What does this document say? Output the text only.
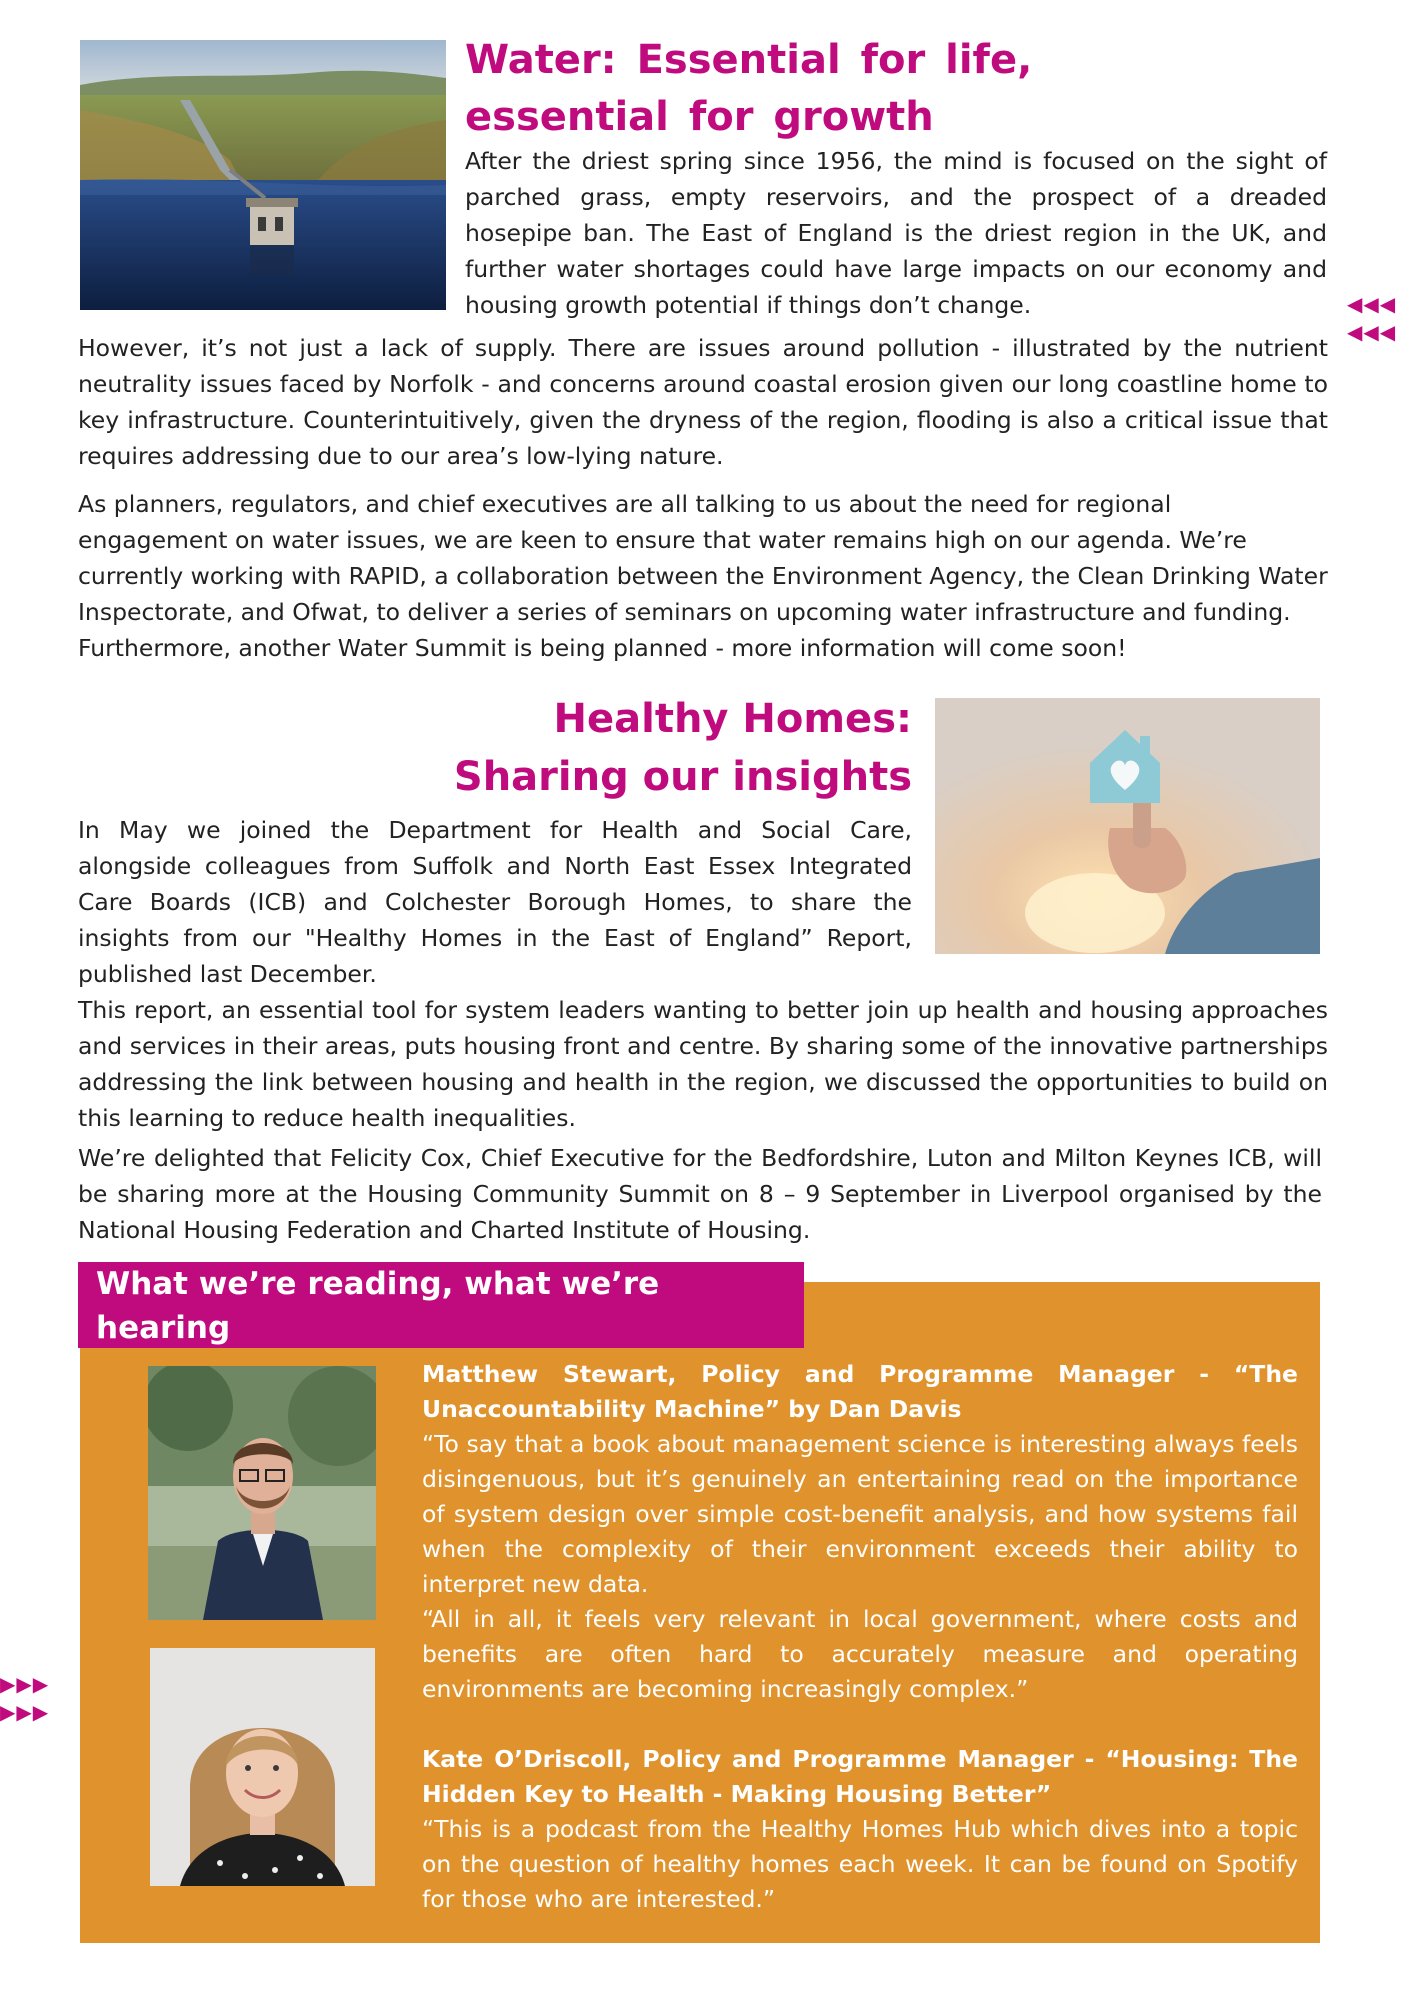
Water: Essential for life, essential for growth

After the driest spring since 1956, the mind is focused on the sight of parched grass, empty reservoirs, and the prospect of a dreaded hosepipe ban. The East of England is the driest region in the UK, and further water shortages could have large impacts on our economy and housing growth potential if things don’t change.	◀◀◀
◀◀◀

However, it’s not just a lack of supply. There are issues around pollution - illustrated by the nutrient neutrality issues faced by Norfolk - and concerns around coastal erosion given our long coastline home to key infrastructure. Counterintuitively, given the dryness of the region, flooding is also a critical issue that requires addressing due to our area’s low-lying nature.

As planners, regulators, and chief executives are all talking to us about the need for regional engagement on water issues, we are keen to ensure that water remains high on our agenda. We’re currently working with RAPID, a collaboration between the Environment Agency, the Clean Drinking Water Inspectorate, and Ofwat, to deliver a series of seminars on upcoming water infrastructure and funding. Furthermore, another Water Summit is being planned - more information will come soon!

Healthy Homes:
Sharing our insights

In May we joined the Department for Health and Social Care, alongside colleagues from Suffolk and North East Essex Integrated Care Boards (ICB) and Colchester Borough Homes, to share the insights from our "Healthy Homes in the East of England” Report, published last December.

This report, an essential tool for system leaders wanting to better join up health and housing approaches and services in their areas, puts housing front and centre. By sharing some of the innovative partnerships addressing the link between housing and health in the region, we discussed the opportunities to build on this learning to reduce health inequalities.

We’re delighted that Felicity Cox, Chief Executive for the Bedfordshire, Luton and Milton Keynes ICB, will be sharing more at the Housing Community Summit on 8 – 9 September in Liverpool organised by the National Housing Federation and Charted Institute of Housing.

What we’re reading, what we’re hearing
▶▶▶
▶▶▶

Matthew Stewart, Policy and Programme Manager - “The Unaccountability Machine” by Dan Davis

“To say that a book about management science is interesting always feels disingenuous, but it’s genuinely an entertaining read on the importance of system design over simple cost-benefit analysis, and how systems fail when the complexity of their environment exceeds their ability to interpret new data.

“All in all, it feels very relevant in local government, where costs and benefits are often hard to accurately measure and operating environments are becoming increasingly complex.”

Kate O’Driscoll, Policy and Programme Manager - “Housing: The Hidden Key to Health - Making Housing Better”

“This is a podcast from the Healthy Homes Hub which dives into a topic on the question of healthy homes each week. It can be found on Spotify for those who are interested.”
